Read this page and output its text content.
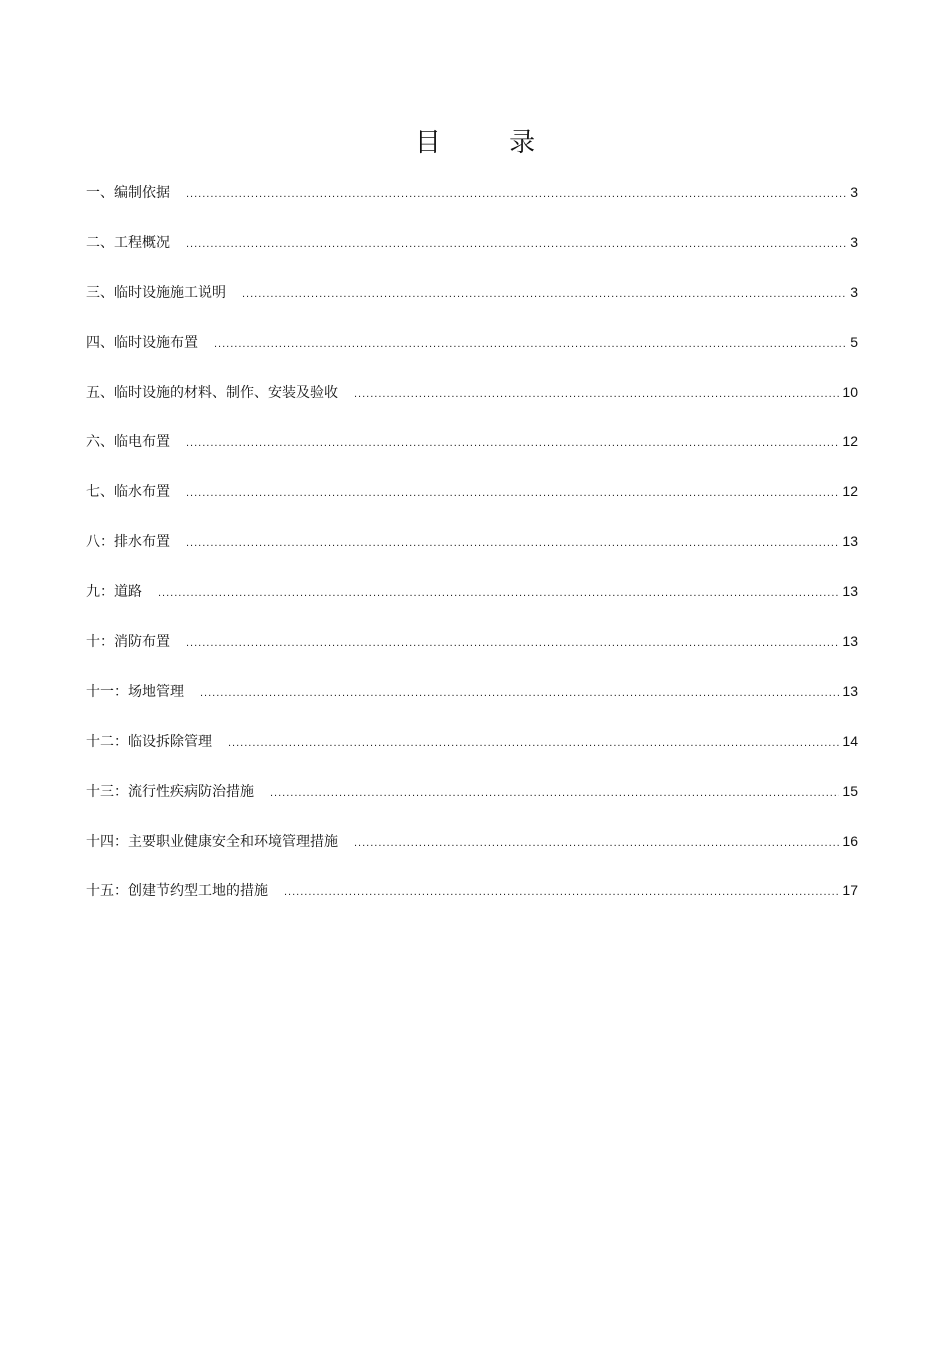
目 录
一、编制依据 .....	3
二、工程概况 .....	3
三、临时设施施工说明 .....	3
四、临时设施布置 .....	5
五、临时设施的材料、制作、安装及验收 .....	10
六、临电布置 .....	12
七、临水布置 .....	12
八：排水布置 .....	13
九：道路 .....	13
十：消防布置 .....	13
十一：场地管理 .....	13
十二：临设拆除管理 .....	14
十三：流行性疾病防治措施 .....	15
十四：主要职业健康安全和环境管理措施 .....	16
十五：创建节约型工地的措施 .....	17
